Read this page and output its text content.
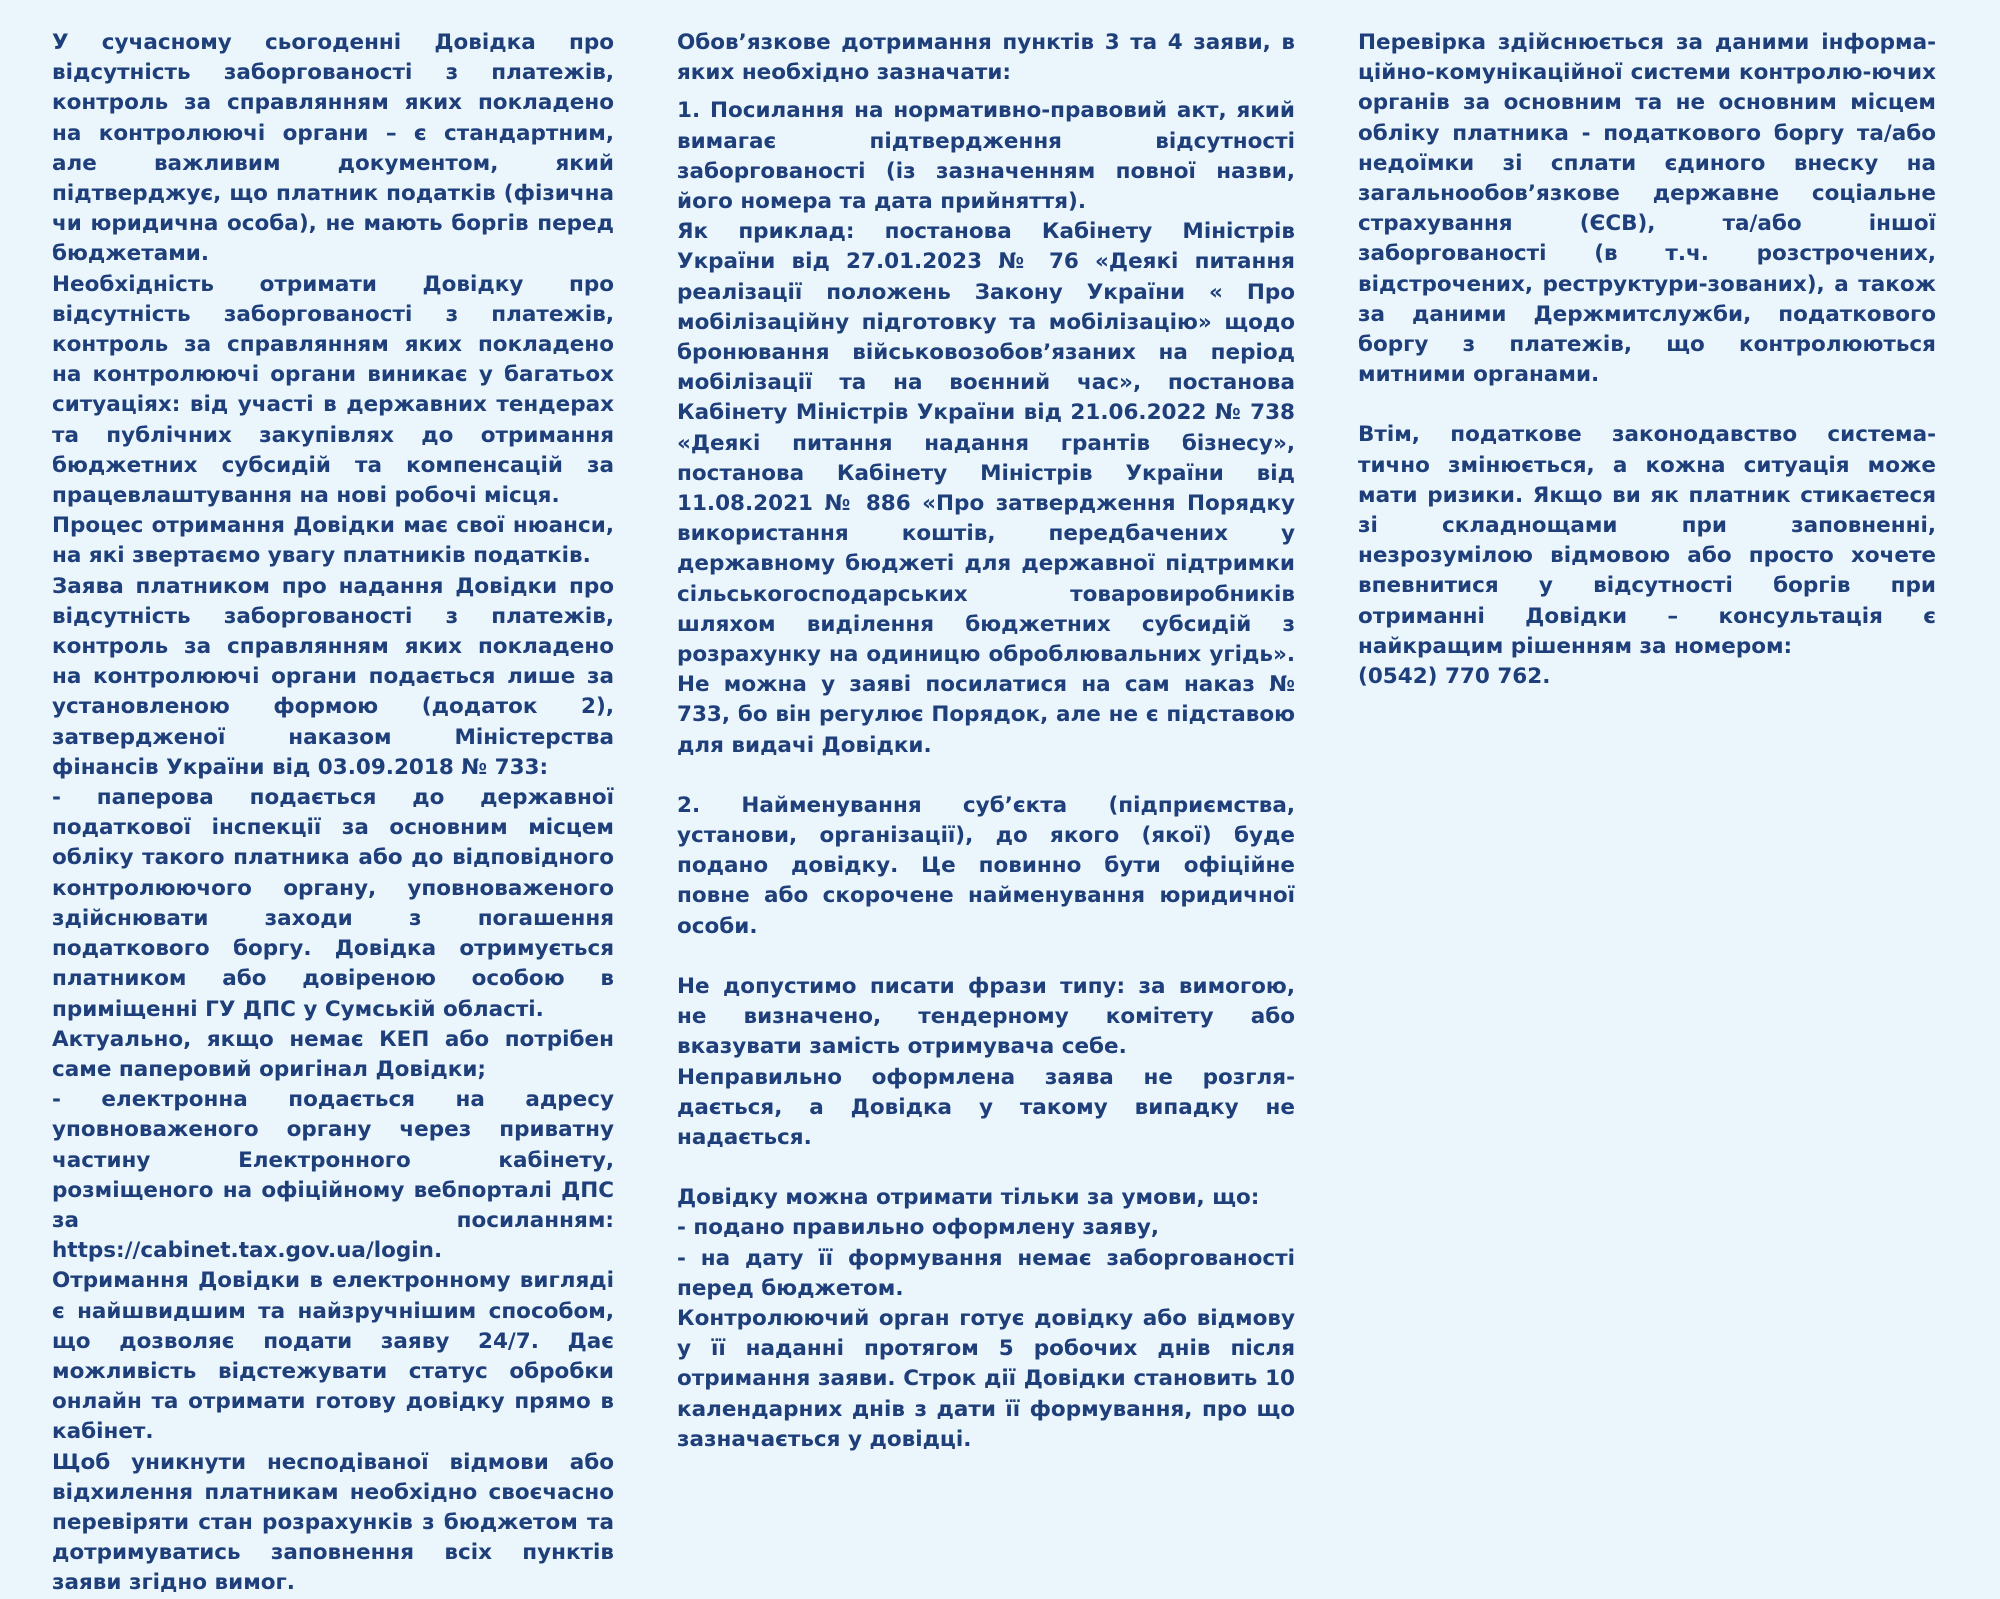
У сучасному сьогоденні Довідка про відсутність заборгованості з платежів, контроль за справлянням яких покладено на контролюючі органи – є стандартним, але важливим документом, який підтверджує, що платник податків (фізична чи юридична особа), не мають боргів перед бюджетами.

Необхідність отримати Довідку про відсутність заборгованості з платежів, контроль за справлянням яких покладено на контролюючі органи виникає у багатьох ситуаціях: від участі в державних тендерах та публічних закупівлях до отримання бюджетних субсидій та компенсацій за працевлаштування на нові робочі місця.

Процес отримання Довідки має свої нюанси, на які звертаємо увагу платників податків.

Заява платником про надання Довідки про відсутність заборгованості з платежів, контроль за справлянням яких покладено на контролюючі органи подається лише за установленою формою (додаток 2), затвердженої наказом Міністерства фінансів України від 03.09.2018 № 733:

- паперова подається до державної податкової інспекції за основним місцем обліку такого платника або до відповідного контролюючого органу, уповноваженого здійснювати заходи з погашення податкового боргу. Довідка отримується платником або довіреною особою в приміщенні ГУ ДПС у Сумській області.

Актуально, якщо немає КЕП або потрібен саме паперовий оригінал Довідки;

- електронна подається на адресу уповноваженого органу через приватну частину Електронного кабінету, розміщеного на офіційному вебпорталі ДПС за посиланням: https://cabinet.tax.gov.ua/login.

Отримання Довідки в електронному вигляді є найшвидшим та найзручнішим способом, що дозволяє подати заяву 24/7. Дає можливість відстежувати статус обробки онлайн та отримати готову довідку прямо в кабінет.

Щоб уникнути несподіваної відмови або відхилення платникам необхідно своєчасно перевіряти стан розрахунків з бюджетом та дотримуватись заповнення всіх пунктів заяви згідно вимог.

Обов’язкове дотримання пунктів 3 та 4 заяви, в яких необхідно зазначати:

1. Посилання на нормативно-правовий акт, який вимагає підтвердження відсутності заборгованості (із зазначенням повної назви, його номера та дата прийняття).

Як приклад: постанова Кабінету Міністрів України від 27.01.2023 № 76 «Деякі питання реалізації положень Закону України « Про мобілізаційну підготовку та мобілізацію» щодо бронювання військовозобов’язаних на період мобілізації та на воєнний час», постанова Кабінету Міністрів України від 21.06.2022 № 738 «Деякі питання надання грантів бізнесу», постанова Кабінету Міністрів України від 11.08.2021 № 886 «Про затвердження Порядку використання коштів, передбачених у державному бюджеті для державної підтримки сільськогосподарських товаровиробників шляхом виділення бюджетних субсидій з розрахунку на одиницю оброблювальних угідь». Не можна у заяві посилатися на сам наказ № 733, бо він регулює Порядок, але не є підставою для видачі Довідки.

2. Найменування суб’єкта (підприємства, установи, організації), до якого (якої) буде подано довідку. Це повинно бути офіційне повне або скорочене найменування юридичної особи.

Не допустимо писати фрази типу: за вимогою, не визначено, тендерному комітету або вказувати замість отримувача себе.

Неправильно оформлена заява не розгля-дається, а Довідка у такому випадку не надається.

Довідку можна отримати тільки за умови, що:

- подано правильно оформлену заяву,

- на дату її формування немає заборгованості перед бюджетом.

Контролюючий орган готує довідку або відмову у її наданні протягом 5 робочих днів після отримання заяви. Строк дії Довідки становить 10 календарних днів з дати її формування, про що зазначається у довідці.

Перевірка здійснюється за даними інформа-ційно-комунікаційної системи контролю-ючих органів за основним та не основним місцем обліку платника - податкового боргу та/або недоїмки зі сплати єдиного внеску на загальнообов’язкове державне соціальне страхування (ЄСВ), та/або іншої заборгованості (в т.ч. розстрочених, відстрочених, реструктури-зованих), а також за даними Держмитслужби, податкового боргу з платежів, що контролюються митними органами.

Втім, податкове законодавство система-тично змінюється, а кожна ситуація може мати ризики. Якщо ви як платник стикаєтеся зі складнощами при заповненні, незрозумілою відмовою або просто хочете впевнитися у відсутності боргів при отриманні Довідки – консультація є найкращим рішенням за номером:

(0542) 770 762.
